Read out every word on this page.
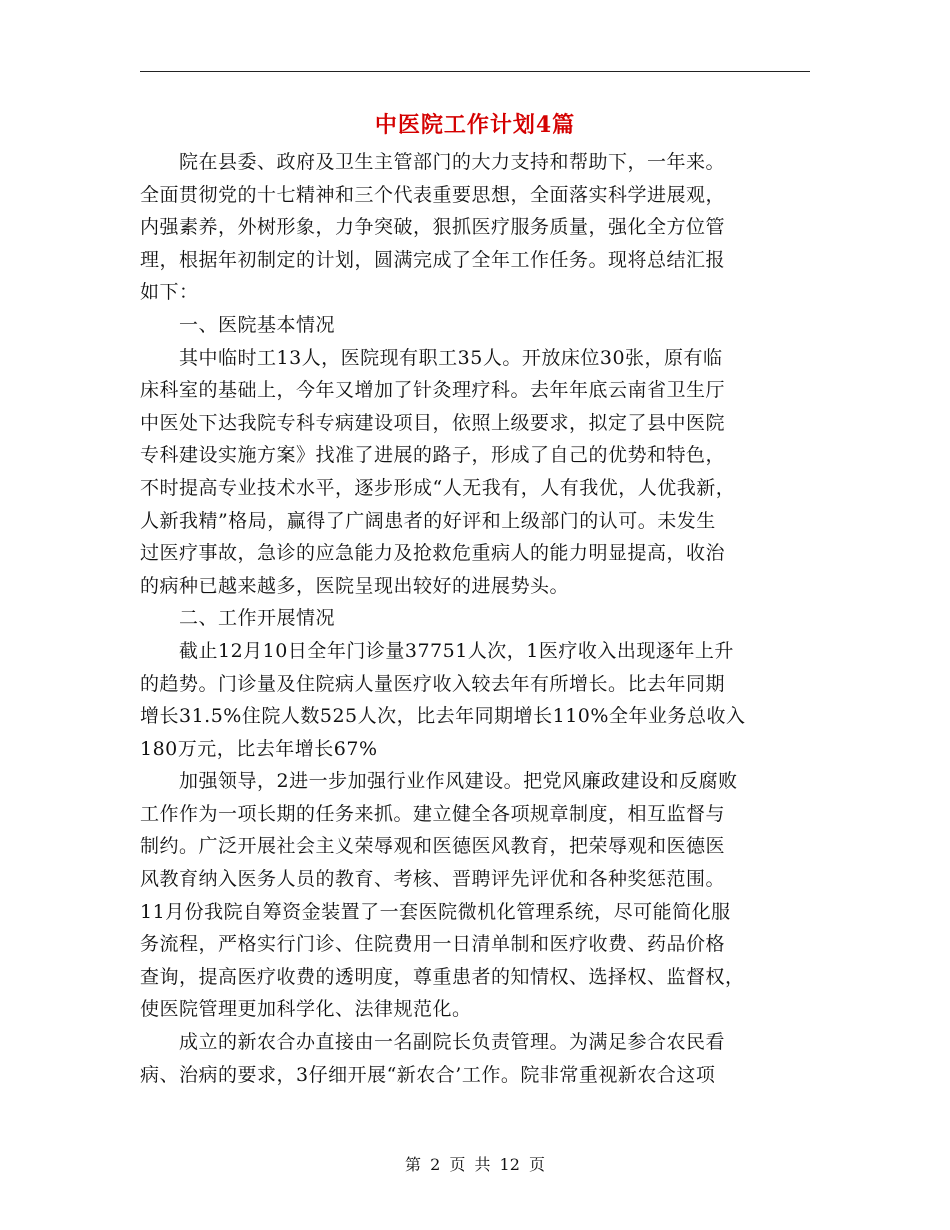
中医院工作计划4篇
　　院在县委、政府及卫生主管部门的大力支持和帮助下，一年来。
全面贯彻党的十七精神和三个代表重要思想，全面落实科学进展观，
内强素养，外树形象，力争突破，狠抓医疗服务质量，强化全方位管
理，根据年初制定的计划，圆满完成了全年工作任务。现将总结汇报
如下：
　　一、医院基本情况
　　其中临时工13人，医院现有职工35人。开放床位30张，原有临
床科室的基础上，今年又增加了针灸理疗科。去年年底云南省卫生厅
中医处下达我院专科专病建设项目，依照上级要求，拟定了县中医院
专科建设实施方案》找准了进展的路子，形成了自己的优势和特色，
不时提高专业技术水平，逐步形成“人无我有，人有我优，人优我新，
人新我精”格局，赢得了广阔患者的好评和上级部门的认可。未发生
过医疗事故，急诊的应急能力及抢救危重病人的能力明显提高，收治
的病种已越来越多，医院呈现出较好的进展势头。
　　二、工作开展情况
　　截止12月10日全年门诊量37751人次，1医疗收入出现逐年上升
的趋势。门诊量及住院病人量医疗收入较去年有所增长。比去年同期
增长31.5%住院人数525人次，比去年同期增长110%全年业务总收入
180万元，比去年增长67%
　　加强领导，2进一步加强行业作风建设。把党风廉政建设和反腐败
工作作为一项长期的任务来抓。建立健全各项规章制度，相互监督与
制约。广泛开展社会主义荣辱观和医德医风教育，把荣辱观和医德医
风教育纳入医务人员的教育、考核、晋聘评先评优和各种奖惩范围。
11月份我院自筹资金装置了一套医院微机化管理系统，尽可能简化服
务流程，严格实行门诊、住院费用一日清单制和医疗收费、药品价格
查询，提高医疗收费的透明度，尊重患者的知情权、选择权、监督权，
使医院管理更加科学化、法律规范化。
　　成立的新农合办直接由一名副院长负责管理。为满足参合农民看
病、治病的要求，3仔细开展“新农合’工作。院非常重视新农合这项
第 2 页 共 12 页
